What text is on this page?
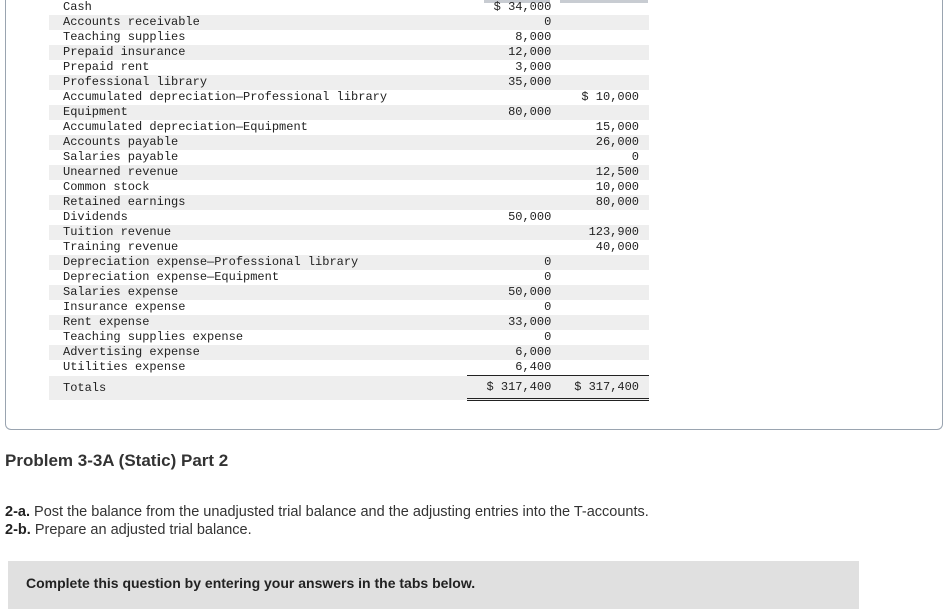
Cash	$ 34,000	
Accounts receivable	0	
Teaching supplies	8,000	
Prepaid insurance	12,000	
Prepaid rent	3,000	
Professional library	35,000	
Accumulated depreciation—Professional library		$ 10,000
Equipment	80,000	
Accumulated depreciation—Equipment		15,000
Accounts payable		26,000
Salaries payable		0
Unearned revenue		12,500
Common stock		10,000
Retained earnings		80,000
Dividends	50,000	
Tuition revenue		123,900
Training revenue		40,000
Depreciation expense—Professional library	0	
Depreciation expense—Equipment	0	
Salaries expense	50,000	
Insurance expense	0	
Rent expense	33,000	
Teaching supplies expense	0	
Advertising expense	6,000	
Utilities expense	6,400	
Totals	$ 317,400	$ 317,400
Problem 3-3A (Static) Part 2
2-a. Post the balance from the unadjusted trial balance and the adjusting entries into the T-accounts.
2-b. Prepare an adjusted trial balance.
Complete this question by entering your answers in the tabs below.
